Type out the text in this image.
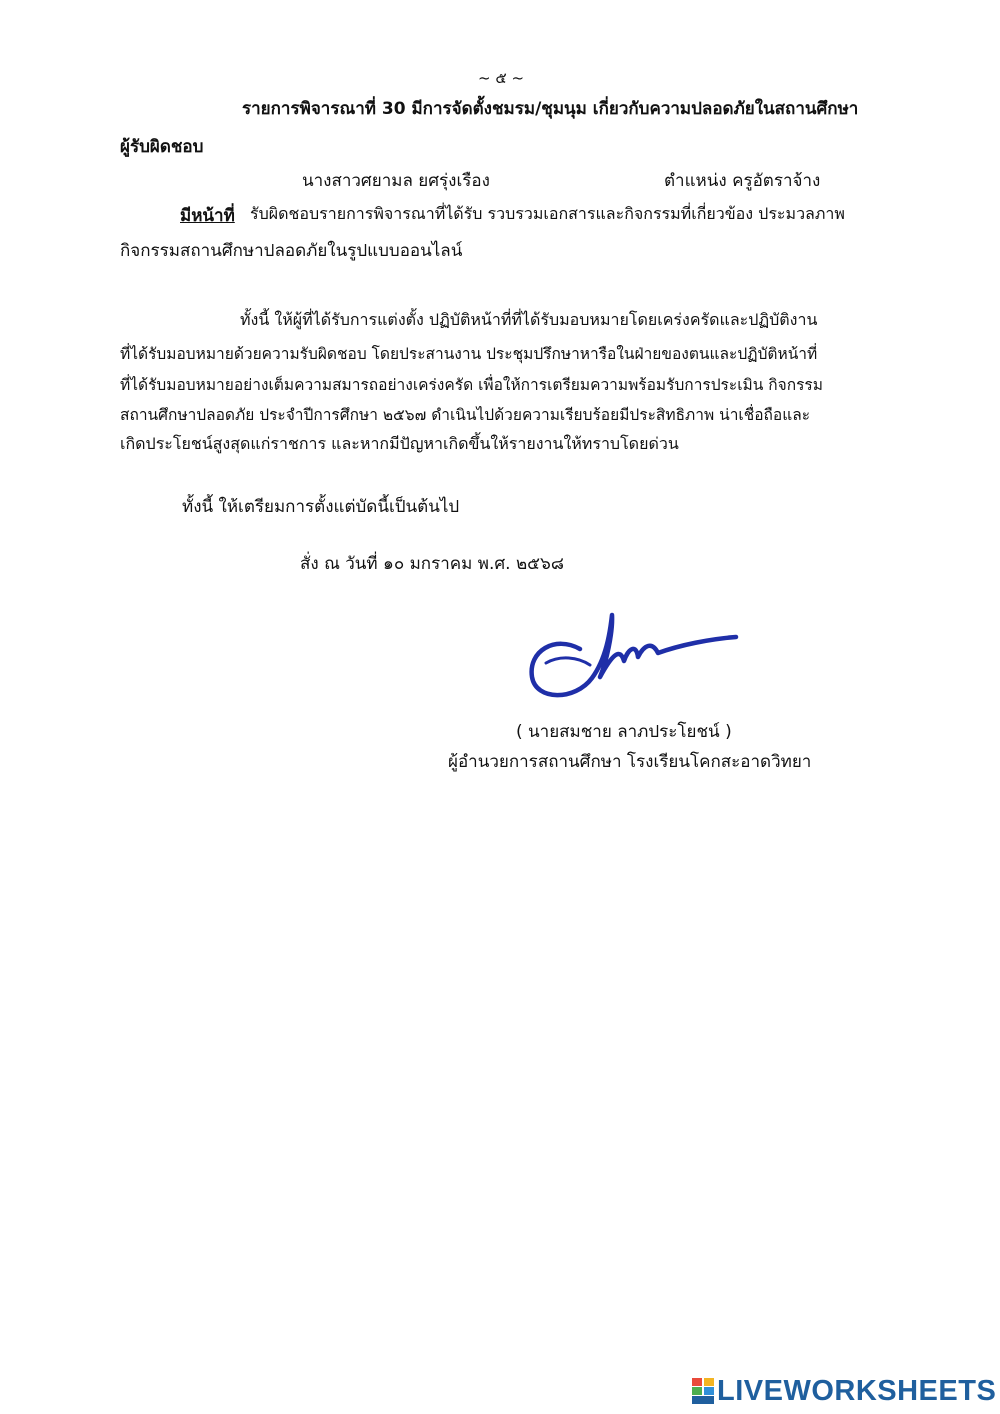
~ ๕ ~
รายการพิจารณาที่ 30 มีการจัดตั้งชมรม/ชุมนุม เกี่ยวกับความปลอดภัยในสถานศึกษา
ผู้รับผิดชอบ
นางสาวศยามล ยศรุ่งเรือง	ตำแหน่ง ครูอัตราจ้าง
มีหน้าที่ รับผิดชอบรายการพิจารณาที่ได้รับ รวบรวมเอกสารและกิจกรรมที่เกี่ยวข้อง ประมวลภาพ
กิจกรรมสถานศึกษาปลอดภัยในรูปแบบออนไลน์
ทั้งนี้ ให้ผู้ที่ได้รับการแต่งตั้ง ปฏิบัติหน้าที่ที่ได้รับมอบหมายโดยเคร่งครัดและปฏิบัติงาน
ที่ได้รับมอบหมายด้วยความรับผิดชอบ โดยประสานงาน ประชุมปรึกษาหารือในฝ่ายของตนและปฏิบัติหน้าที่
ที่ได้รับมอบหมายอย่างเต็มความสมารถอย่างเคร่งครัด เพื่อให้การเตรียมความพร้อมรับการประเมิน กิจกรรม
สถานศึกษาปลอดภัย ประจำปีการศึกษา ๒๕๖๗ ดำเนินไปด้วยความเรียบร้อยมีประสิทธิภาพ น่าเชื่อถือและ
เกิดประโยชน์สูงสุดแก่ราชการ และหากมีปัญหาเกิดขึ้นให้รายงานให้ทราบโดยด่วน
ทั้งนี้ ให้เตรียมการตั้งแต่บัดนี้เป็นต้นไป
สั่ง ณ วันที่ ๑๐ มกราคม พ.ศ. ๒๕๖๘
( นายสมชาย ลาภประโยชน์ )
ผู้อำนวยการสถานศึกษา โรงเรียนโคกสะอาดวิทยา
LIVEWORKSHEETS
